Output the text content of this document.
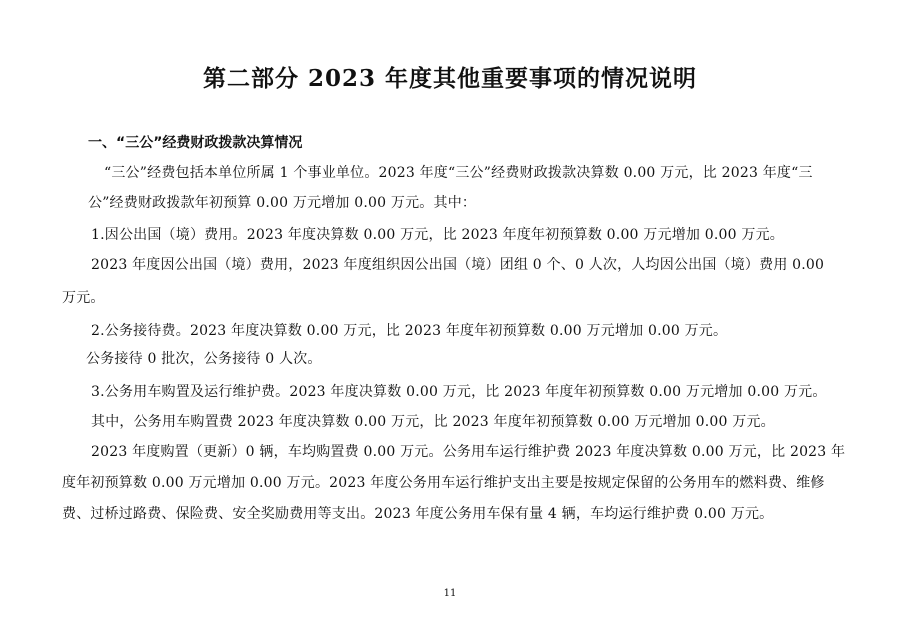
第二部分 2023 年度其他重要事项的情况说明
一、“三公”经费财政拨款决算情况
“三公”经费包括本单位所属 1 个事业单位。2023 年度“三公”经费财政拨款决算数 0.00 万元，比 2023 年度“三
公”经费财政拨款年初预算 0.00 万元增加 0.00 万元。其中：
1.因公出国（境）费用。2023 年度决算数 0.00 万元，比 2023 年度年初预算数 0.00 万元增加 0.00 万元。
2023 年度因公出国（境）费用，2023 年度组织因公出国（境）团组 0 个、0 人次，人均因公出国（境）费用 0.00
万元。
2.公务接待费。2023 年度决算数 0.00 万元，比 2023 年度年初预算数 0.00 万元增加 0.00 万元。
公务接待 0 批次，公务接待 0 人次。
3.公务用车购置及运行维护费。2023 年度决算数 0.00 万元，比 2023 年度年初预算数 0.00 万元增加 0.00 万元。
其中，公务用车购置费 2023 年度决算数 0.00 万元，比 2023 年度年初预算数 0.00 万元增加 0.00 万元。
2023 年度购置（更新）0 辆，车均购置费 0.00 万元。公务用车运行维护费 2023 年度决算数 0.00 万元，比 2023 年
度年初预算数 0.00 万元增加 0.00 万元。2023 年度公务用车运行维护支出主要是按规定保留的公务用车的燃料费、维修
费、过桥过路费、保险费、安全奖励费用等支出。2023 年度公务用车保有量 4 辆，车均运行维护费 0.00 万元。
11
